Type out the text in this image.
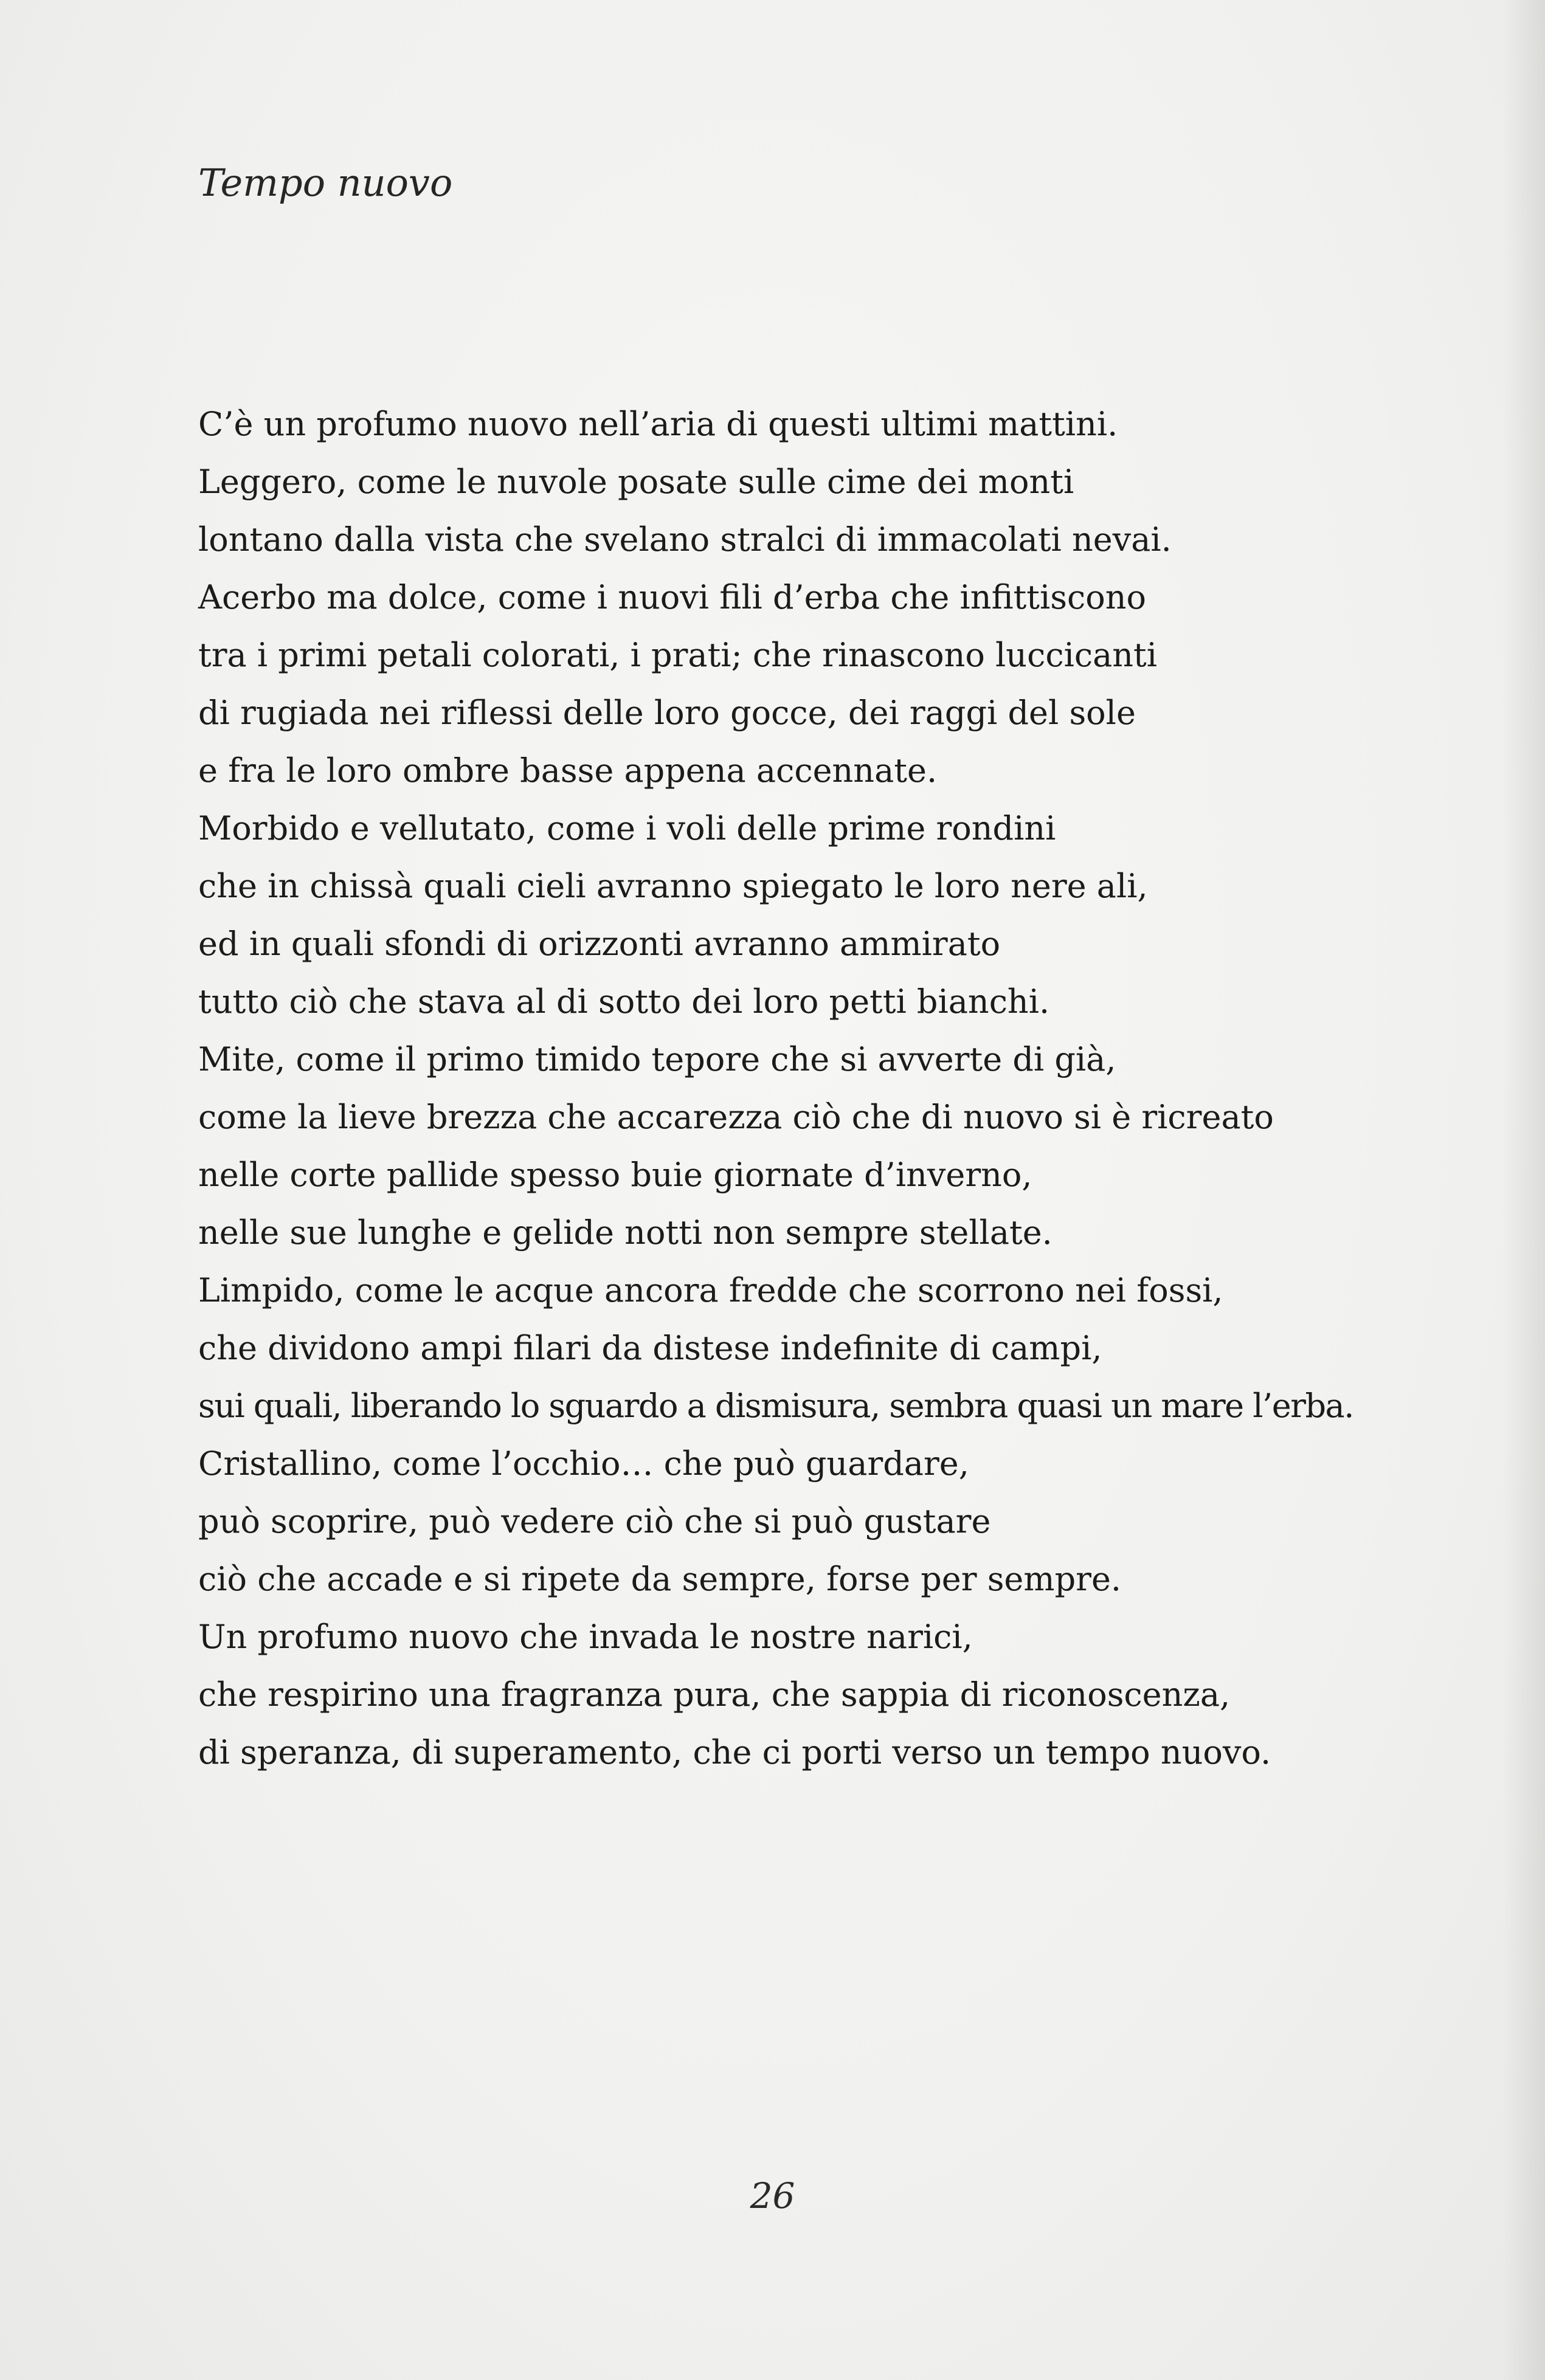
Tempo nuovo
C’è un profumo nuovo nell’aria di questi ultimi mattini.
Leggero, come le nuvole posate sulle cime dei monti
lontano dalla vista che svelano stralci di immacolati nevai.
Acerbo ma dolce, come i nuovi fili d’erba che infittiscono
tra i primi petali colorati, i prati; che rinascono luccicanti
di rugiada nei riflessi delle loro gocce, dei raggi del sole
e fra le loro ombre basse appena accennate.
Morbido e vellutato, come i voli delle prime rondini
che in chissà quali cieli avranno spiegato le loro nere ali,
ed in quali sfondi di orizzonti avranno ammirato
tutto ciò che stava al di sotto dei loro petti bianchi.
Mite, come il primo timido tepore che si avverte di già,
come la lieve brezza che accarezza ciò che di nuovo si è ricreato
nelle corte pallide spesso buie giornate d’inverno,
nelle sue lunghe e gelide notti non sempre stellate.
Limpido, come le acque ancora fredde che scorrono nei fossi,
che dividono ampi filari da distese indefinite di campi,
sui quali, liberando lo sguardo a dismisura, sembra quasi un mare l’erba.
Cristallino, come l’occhio… che può guardare,
può scoprire, può vedere ciò che si può gustare
ciò che accade e si ripete da sempre, forse per sempre.
Un profumo nuovo che invada le nostre narici,
che respirino una fragranza pura, che sappia di riconoscenza,
di speranza, di superamento, che ci porti verso un tempo nuovo.
26
